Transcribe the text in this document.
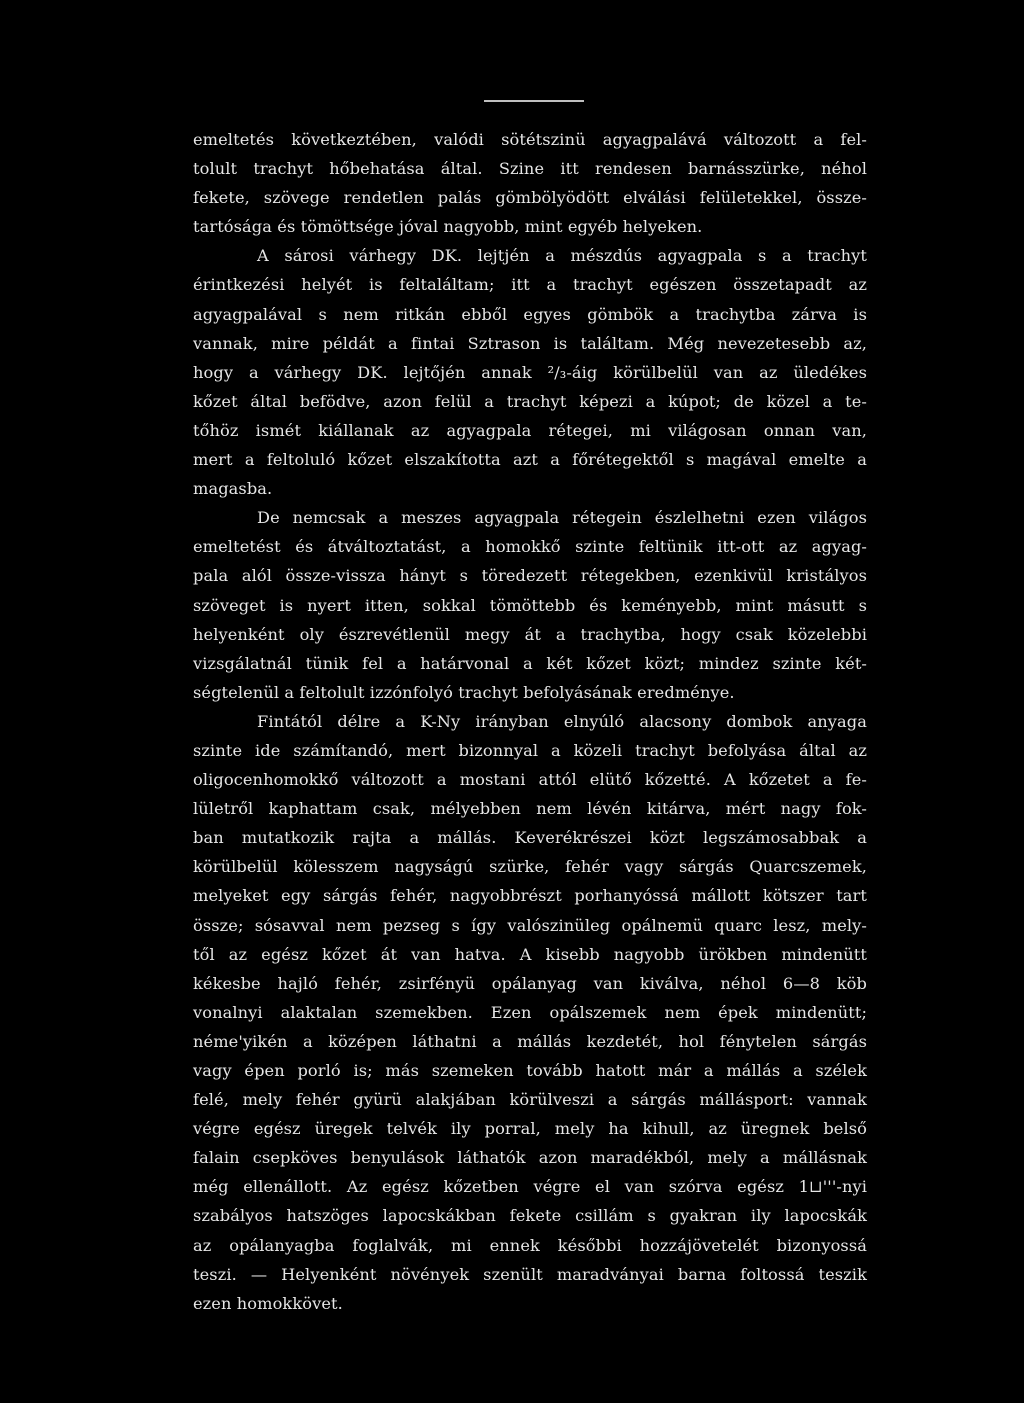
emeltetés következtében, valódi sötétszinü agyagpalává változott a fel-
tolult trachyt hőbehatása által. Szine itt rendesen barnásszürke, néhol
fekete, szövege rendetlen palás gömbölyödött elválási felületekkel, össze-
tartósága és tömöttsége jóval nagyobb, mint egyéb helyeken.
A sárosi várhegy DK. lejtjén a mészdús agyagpala s a trachyt
érintkezési helyét is feltaláltam; itt a trachyt egészen összetapadt az
agyagpalával s nem ritkán ebből egyes gömbök a trachytba zárva is
vannak, mire példát a fintai Sztrason is találtam. Még nevezetesebb az,
hogy a várhegy DK. lejtőjén annak ²/₃-áig körülbelül van az üledékes
kőzet által befödve, azon felül a trachyt képezi a kúpot; de közel a te-
tőhöz ismét kiállanak az agyagpala rétegei, mi világosan onnan van,
mert a feltoluló kőzet elszakította azt a főrétegektől s magával emelte a
magasba.
De nemcsak a meszes agyagpala rétegein észlelhetni ezen világos
emeltetést és átváltoztatást, a homokkő szinte feltünik itt-ott az agyag-
pala alól össze-vissza hányt s töredezett rétegekben, ezenkivül kristályos
szöveget is nyert itten, sokkal tömöttebb és keményebb, mint másutt s
helyenként oly észrevétlenül megy át a trachytba, hogy csak közelebbi
vizsgálatnál tünik fel a határvonal a két kőzet közt; mindez szinte két-
ségtelenül a feltolult izzónfolyó trachyt befolyásának eredménye.
Fintától délre a K-Ny irányban elnyúló alacsony dombok anyaga
szinte ide számítandó, mert bizonnyal a közeli trachyt befolyása által az
oligocenhomokkő változott a mostani attól elütő kőzetté. A kőzetet a fe-
lületről kaphattam csak, mélyebben nem lévén kitárva, mért nagy fok-
ban mutatkozik rajta a mállás. Keverékrészei közt legszámosabbak a
körülbelül kölesszem nagyságú szürke, fehér vagy sárgás Quarcszemek,
melyeket egy sárgás fehér, nagyobbrészt porhanyóssá mállott kötszer tart
össze; sósavval nem pezseg s így valószinüleg opálnemü quarc lesz, mely-
től az egész kőzet át van hatva. A kisebb nagyobb ürökben mindenütt
kékesbe hajló fehér, zsirfényü opálanyag van kiválva, néhol 6—8 köb
vonalnyi alaktalan szemekben. Ezen opálszemek nem épek mindenütt;
néme'yikén a középen láthatni a mállás kezdetét, hol fénytelen sárgás
vagy épen porló is; más szemeken tovább hatott már a mállás a szélek
felé, mely fehér gyürü alakjában körülveszi a sárgás mállásport: vannak
végre egész üregek telvék ily porral, mely ha kihull, az üregnek belső
falain csepköves benyulások láthatók azon maradékból, mely a mállásnak
még ellenállott. Az egész kőzetben végre el van szórva egész 1⊔'''-nyi
szabályos hatszöges lapocskákban fekete csillám s gyakran ily lapocskák
az opálanyagba foglalvák, mi ennek későbbi hozzájövetelét bizonyossá
teszi. — Helyenként növények szenült maradványai barna foltossá teszik
ezen homokkövet.
